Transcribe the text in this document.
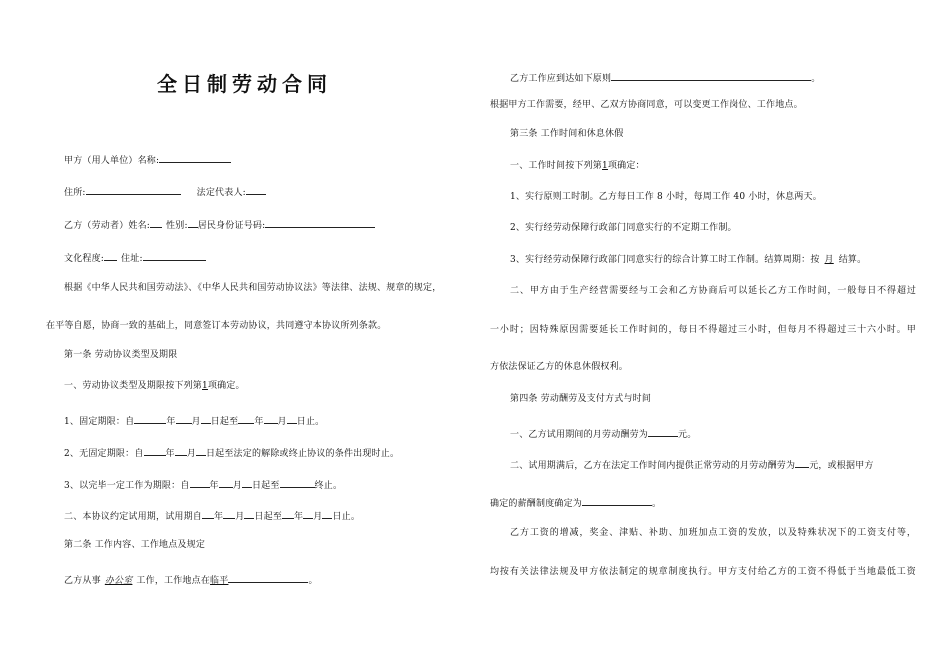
全日制劳动合同
甲方（用人单位）名称:
住所:	法定代表人:
乙方（劳动者）姓名: 性别: 居民身份证号码:
文化程度: 住址:
根据《中华人民共和国劳动法》、《中华人民共和国劳动协议法》等法律、法规、规章的规定，
在平等自愿，协商一致的基础上，同意签订本劳动协议，共同遵守本协议所列条款。
第一条 劳动协议类型及期限
一、劳动协议类型及期限按下列第1项确定。
1、固定期限：自	年 月 日起至 年 月 日止。
2、无固定期限：自 年 月 日起至法定的解除或终止协议的条件出现时止。
3、以完毕一定工作为期限：自 年 月 日起至	终止。
二、本协议约定试用期，试用期自 年 月 日起至 年 月 日止。
第二条 工作内容、工作地点及规定
乙方从事 办公室 工作，工作地点在临平	。
乙方工作应到达如下原则	。
根据甲方工作需要，经甲、乙双方协商同意，可以变更工作岗位、工作地点。
第三条 工作时间和休息休假
一、工作时间按下列第1项确定：
1、实行原则工时制。乙方每日工作 8 小时，每周工作 40 小时，休息两天。
2、实行经劳动保障行政部门同意实行的不定期工作制。
3、实行经劳动保障行政部门同意实行的综合计算工时工作制。结算周期：按 月 结算。
二 、 甲 方 由 于 生 产 经 营 需 要 经 与 工 会 和 乙 方 协 商 后 可 以 延 长 乙 方 工 作 时 间 ， 一 般 每 日 不 得 超 过
一 小 时 ； 因 特 殊 原 因 需 要 延 长 工 作 时 间 的 ， 每 日 不 得 超 过 三 小 时 ， 但 每 月 不 得 超 过 三 十 六 小 时 。 甲
方依法保证乙方的休息休假权利。
第四条 劳动酬劳及支付方式与时间
一、乙方试用期间的月劳动酬劳为	元。
二、试用期满后，乙方在法定工作时间内提供正常劳动的月劳动酬劳为 元，或根据甲方
确定的薪酬制度确定为	。
乙 方 工 资 的 增 减 ， 奖 金 、 津 贴 、 补 助 、 加 班 加 点 工 资 的 发 放 ， 以 及 特 殊 状 况 下 的 工 资 支 付 等 ，
均 按 有 关 法 律 法 规 及 甲 方 依 法 制 定 的 规 章 制 度 执 行 。 甲 方 支 付 给 乙 方 的 工 资 不 得 低 于 当 地 最 低 工 资
